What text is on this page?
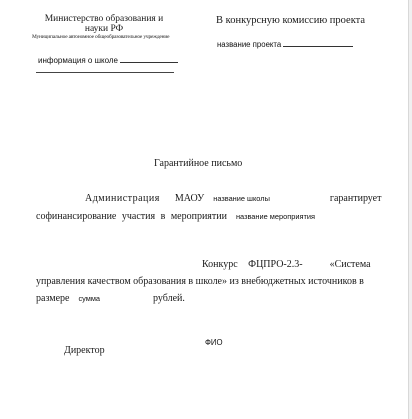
Министерство образования и науки РФ
Муниципальное автономное общеобразовательное учреждение
В конкурсную комиссию проекта
название проекта
информация о школе
Гарантийное письмо
Администрация МАОУ название школы	гарантирует
софинансирование участия в мероприятии название мероприятия
Конкурс ФЦПРО-2.3-	«Система
управления качеством образования в школе» из внебюджетных источников в
размере сумма	рублей.
Директор
ФИО
